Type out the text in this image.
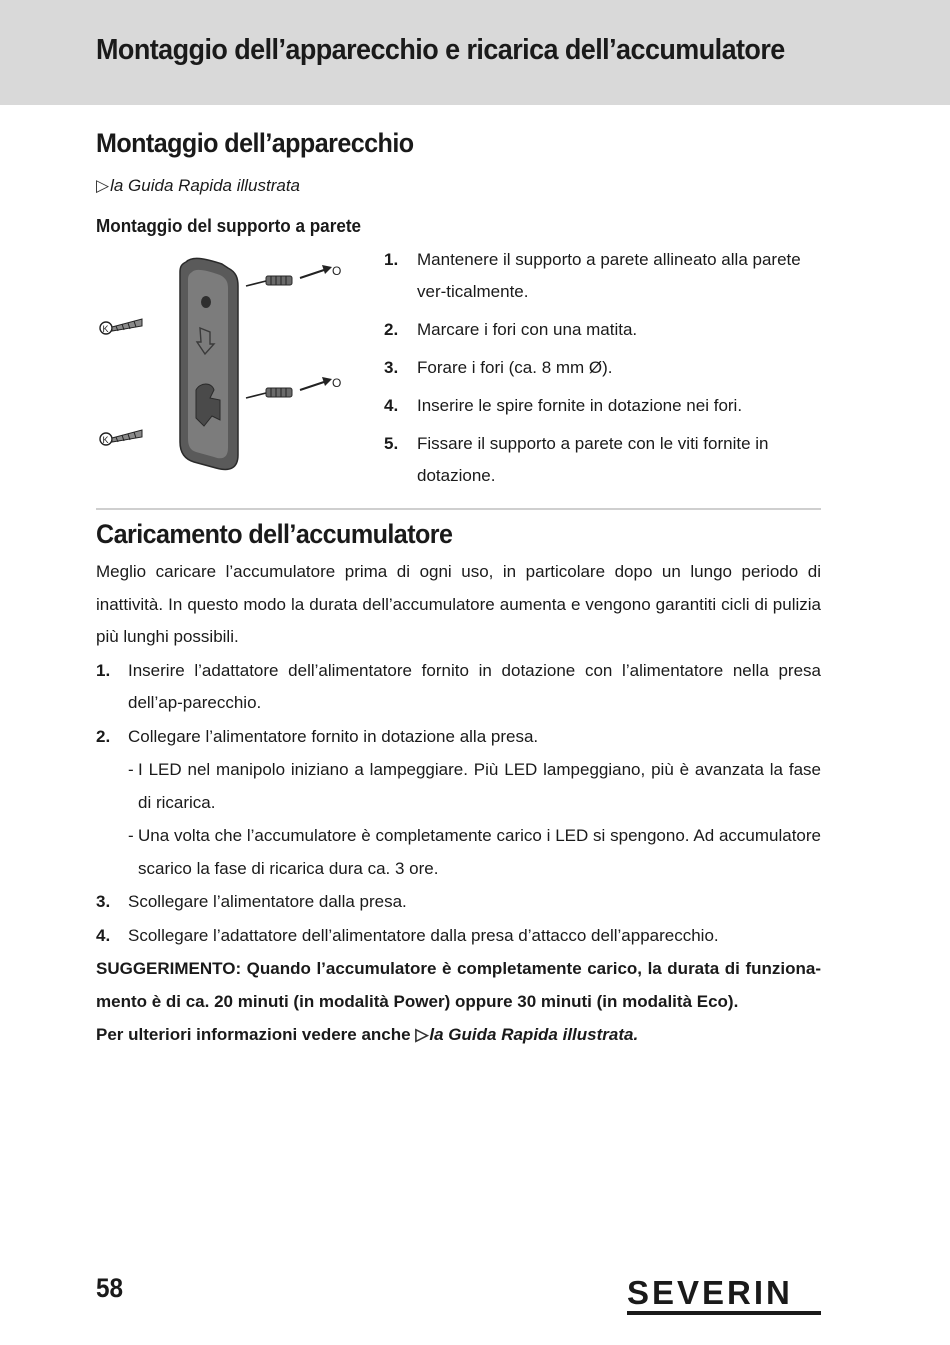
Montaggio dell’apparecchio e ricarica dell’accumulatore
Montaggio dell’apparecchio
▷la Guida Rapida illustrata
Montaggio del supporto a parete
O
O
K
K
1. Mantenere il supporto a parete allineato alla parete ver-ticalmente.
2. Marcare i fori con una matita.
3. Forare i fori (ca. 8 mm Ø).
4. Inserire le spire fornite in dotazione nei fori.
5. Fissare il supporto a parete con le viti fornite in dotazione.
Caricamento dell’accumulatore
Meglio caricare l’accumulatore prima di ogni uso, in particolare dopo un lungo periodo di inattività. In questo modo la durata dell’accumulatore aumenta e vengono garantiti cicli di pulizia più lunghi possibili.
1. Inserire l’adattatore dell’alimentatore fornito in dotazione con l’alimentatore nella presa dell’ap-parecchio.
2. Collegare l’alimentatore fornito in dotazione alla presa.
- I LED nel manipolo iniziano a lampeggiare. Più LED lampeggiano, più è avanzata la fase di ricarica.
- Una volta che l’accumulatore è completamente carico i LED si spengono. Ad accumulatore scarico la fase di ricarica dura ca. 3 ore.
3. Scollegare l’alimentatore dalla presa.
4. Scollegare l’adattatore dell’alimentatore dalla presa d’attacco dell’apparecchio.
SUGGERIMENTO: Quando l’accumulatore è completamente carico, la durata di funziona-mento è di ca. 20 minuti (in modalità Power) oppure 30 minuti (in modalità Eco).
Per ulteriori informazioni vedere anche ▷la Guida Rapida illustrata.
58	SEVERIN
